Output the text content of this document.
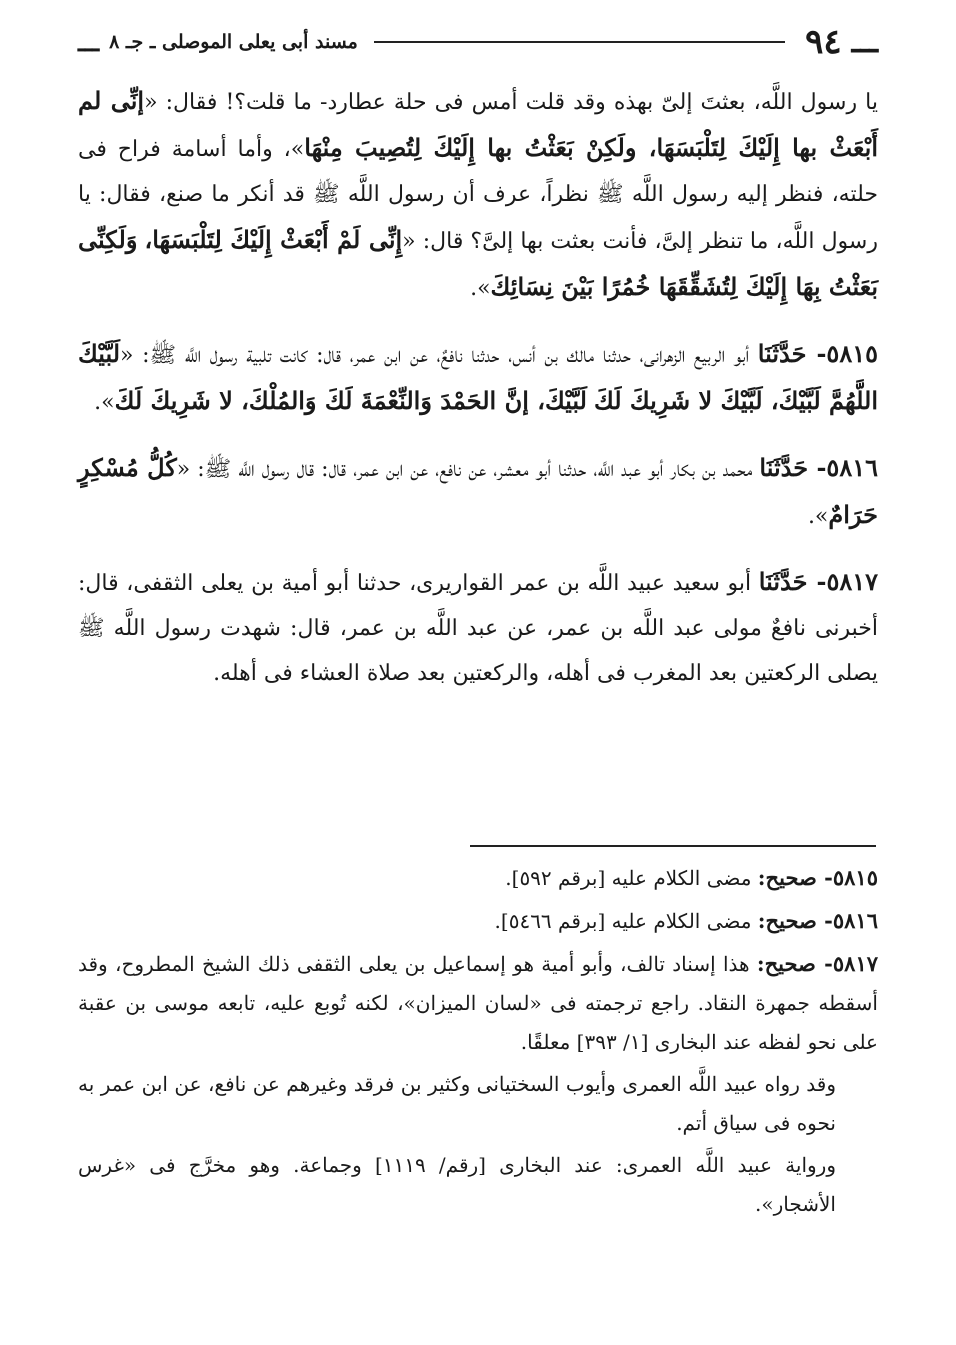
ـــ
٩٤
مسند أبى يعلى الموصلى ـ جـ ٨
ـــ

يا رسول اللَّه، بعثتَ إلىّ بهذه وقد قلت أمس فى حلة عطارد- ما قلت؟! فقال: «إنِّى لم أَبْعَثْ بها إِلَيْكَ لِتَلْبَسَهَا، ولَكِنْ بَعَثْتُ بها إِلَيْكَ لِتُصِيبَ مِنْهَا»، وأما أسامة فراح فى حلته، فنظر إليه رسول اللَّه ﷺ نظراً، عرف أن رسول اللَّه ﷺ قد أنكر ما صنع، فقال: يا رسول اللَّه، ما تنظر إلىَّ، فأنت بعثت بها إلىَّ؟ قال: «إِنِّى لَمْ أَبْعَثْ إِلَيْكَ لِتَلْبَسَهَا، وَلَكِنِّى بَعَثْتُ بِهَا إِلَيْكَ لِتُشَقِّقَهَا خُمُرًا بَيْنَ نِسَائِكَ».

٥٨١٥- حَدَّثَنَا أبو الربيع الزهرانى، حدثنا مالك بن أنس، حدثنا نافعٌ، عن ابن عمر، قال: كانت تلبية رسول اللَّه ﷺ: «لَبَّيْكَ اللَّهُمَّ لَبَّيْكَ، لَبَّيْكَ لا شَرِيكَ لَكَ لَبَّيْكَ، إنَّ الحَمْدَ وَالنِّعْمَةَ لَكَ وَالمُلْكَ، لا شَرِيكَ لَكَ».

٥٨١٦- حَدَّثَنَا محمد بن بكار أبو عبد اللَّه، حدثنا أبو معشر، عن نافع، عن ابن عمر، قال: قال رسول اللَّه ﷺ: «كُلُّ مُسْكِرٍ حَرَامٌ».

٥٨١٧- حَدَّثَنَا أبو سعيد عبيد اللَّه بن عمر القواريرى، حدثنا أبو أمية بن يعلى الثقفى، قال: أخبرنى نافعٌ مولى عبد اللَّه بن عمر، عن عبد اللَّه بن عمر، قال: شهدت رسول اللَّه ﷺ يصلى الركعتين بعد المغرب فى أهله، والركعتين بعد صلاة العشاء فى أهله.

٥٨١٥- صحيح: مضى الكلام عليه [برقم ٥٩٢].
٥٨١٦- صحيح: مضى الكلام عليه [برقم ٥٤٦٦].
٥٨١٧- صحيح: هذا إسناد تالف، وأبو أمية هو إسماعيل بن يعلى الثقفى ذلك الشيخ المطروح، وقد أسقطه جمهرة النقاد. راجع ترجمته فى «لسان الميزان»، لكنه تُوبع عليه، تابعه موسى بن عقبة على نحو لفظه عند البخارى [١/ ٣٩٣] معلقًا.
وقد رواه عبيد اللَّه العمرى وأيوب السختيانى وكثير بن فرقد وغيرهم عن نافع، عن ابن عمر به نحوه فى سياق أتم.
ورواية عبيد اللَّه العمرى: عند البخارى [رقم/ ١١١٩] وجماعة. وهو مخرَّج فى «غرس الأشجار».
